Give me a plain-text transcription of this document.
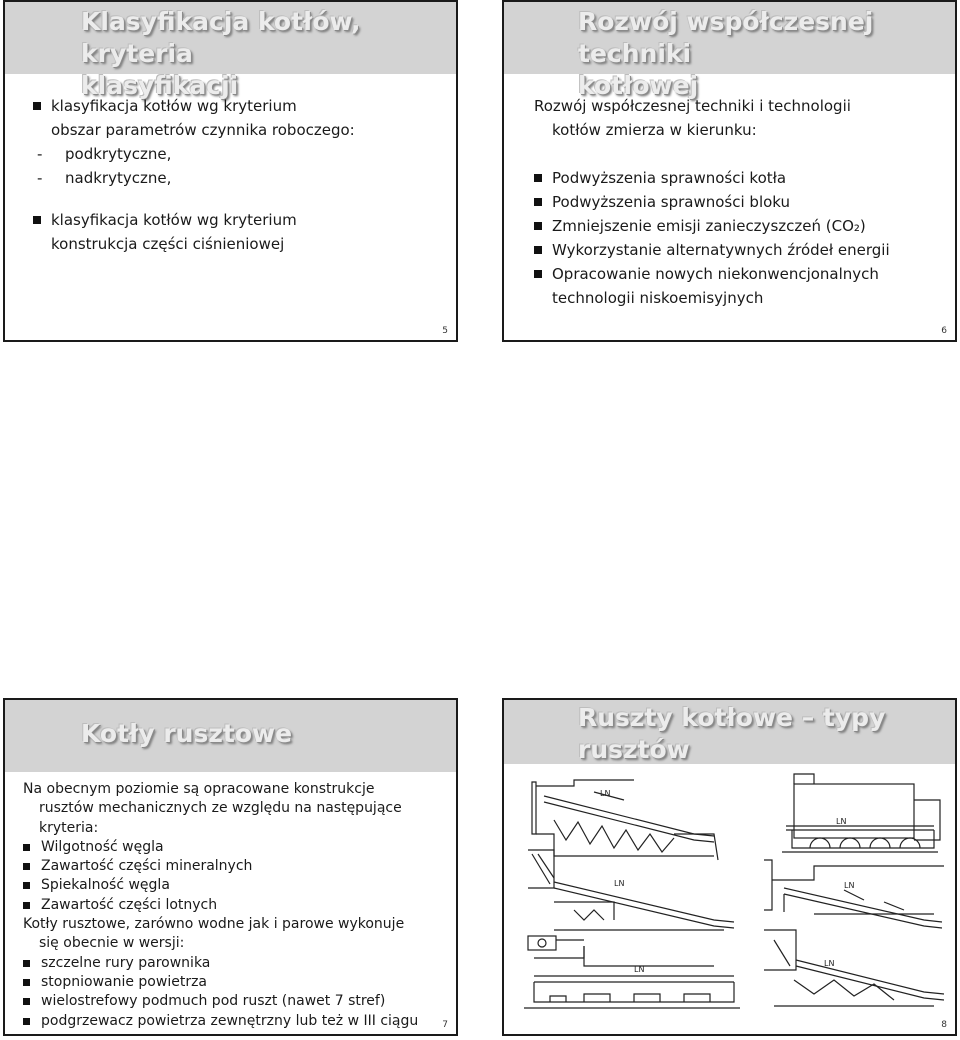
Klasyfikacja kotłów, kryteria
klasyfikacji
klasyfikacja kotłów wg kryterium
obszar parametrów czynnika roboczego:
- podkrytyczne,
- nadkrytyczne,
klasyfikacja kotłów wg kryterium
konstrukcja części ciśnieniowej
5
Rozwój współczesnej techniki
kotłowej
Rozwój współczesnej techniki i technologii
kotłów zmierza w kierunku:
Podwyższenia sprawności kotła
Podwyższenia sprawności bloku
Zmniejszenie emisji zanieczyszczeń (CO₂)
Wykorzystanie alternatywnych źródeł energii
Opracowanie nowych niekonwencjonalnych
technologii niskoemisyjnych
6
Kotły rusztowe
Na obecnym poziomie są opracowane konstrukcje
rusztów mechanicznych ze względu na następujące
kryteria:
Wilgotność węgla
Zawartość części mineralnych
Spiekalność węgla
Zawartość części lotnych
Kotły rusztowe, zarówno wodne jak i parowe wykonuje
się obecnie w wersji:
szczelne rury parownika
stopniowanie powietrza
wielostrefowy podmuch pod ruszt (nawet 7 stref)
podgrzewacz powietrza zewnętrzny lub też w III ciągu	7
Ruszty kotłowe – typy
rusztów
LN
LN
LN	LN
LN
LN
8
